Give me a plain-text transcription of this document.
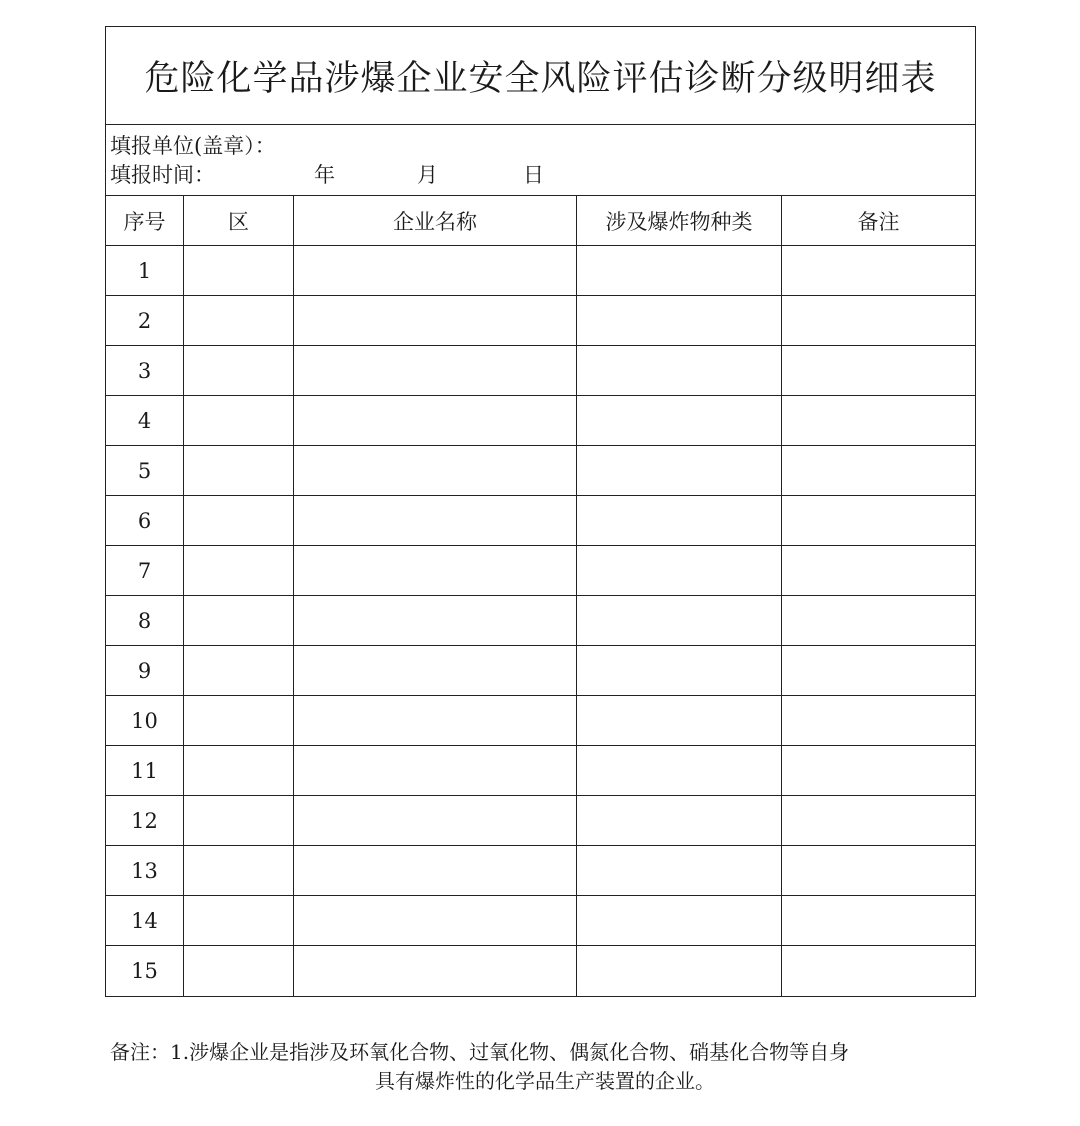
危险化学品涉爆企业安全风险评估诊断分级明细表
填报单位(盖章）：
填报时间：	年	月	日
序号	区	企业名称	涉及爆炸物种类	备注
1
2
3
4
5
6
7
8
9
10
11
12
13
14
15
备注：1.涉爆企业是指涉及环氧化合物、过氧化物、偶氮化合物、硝基化合物等自身
具有爆炸性的化学品生产装置的企业。
